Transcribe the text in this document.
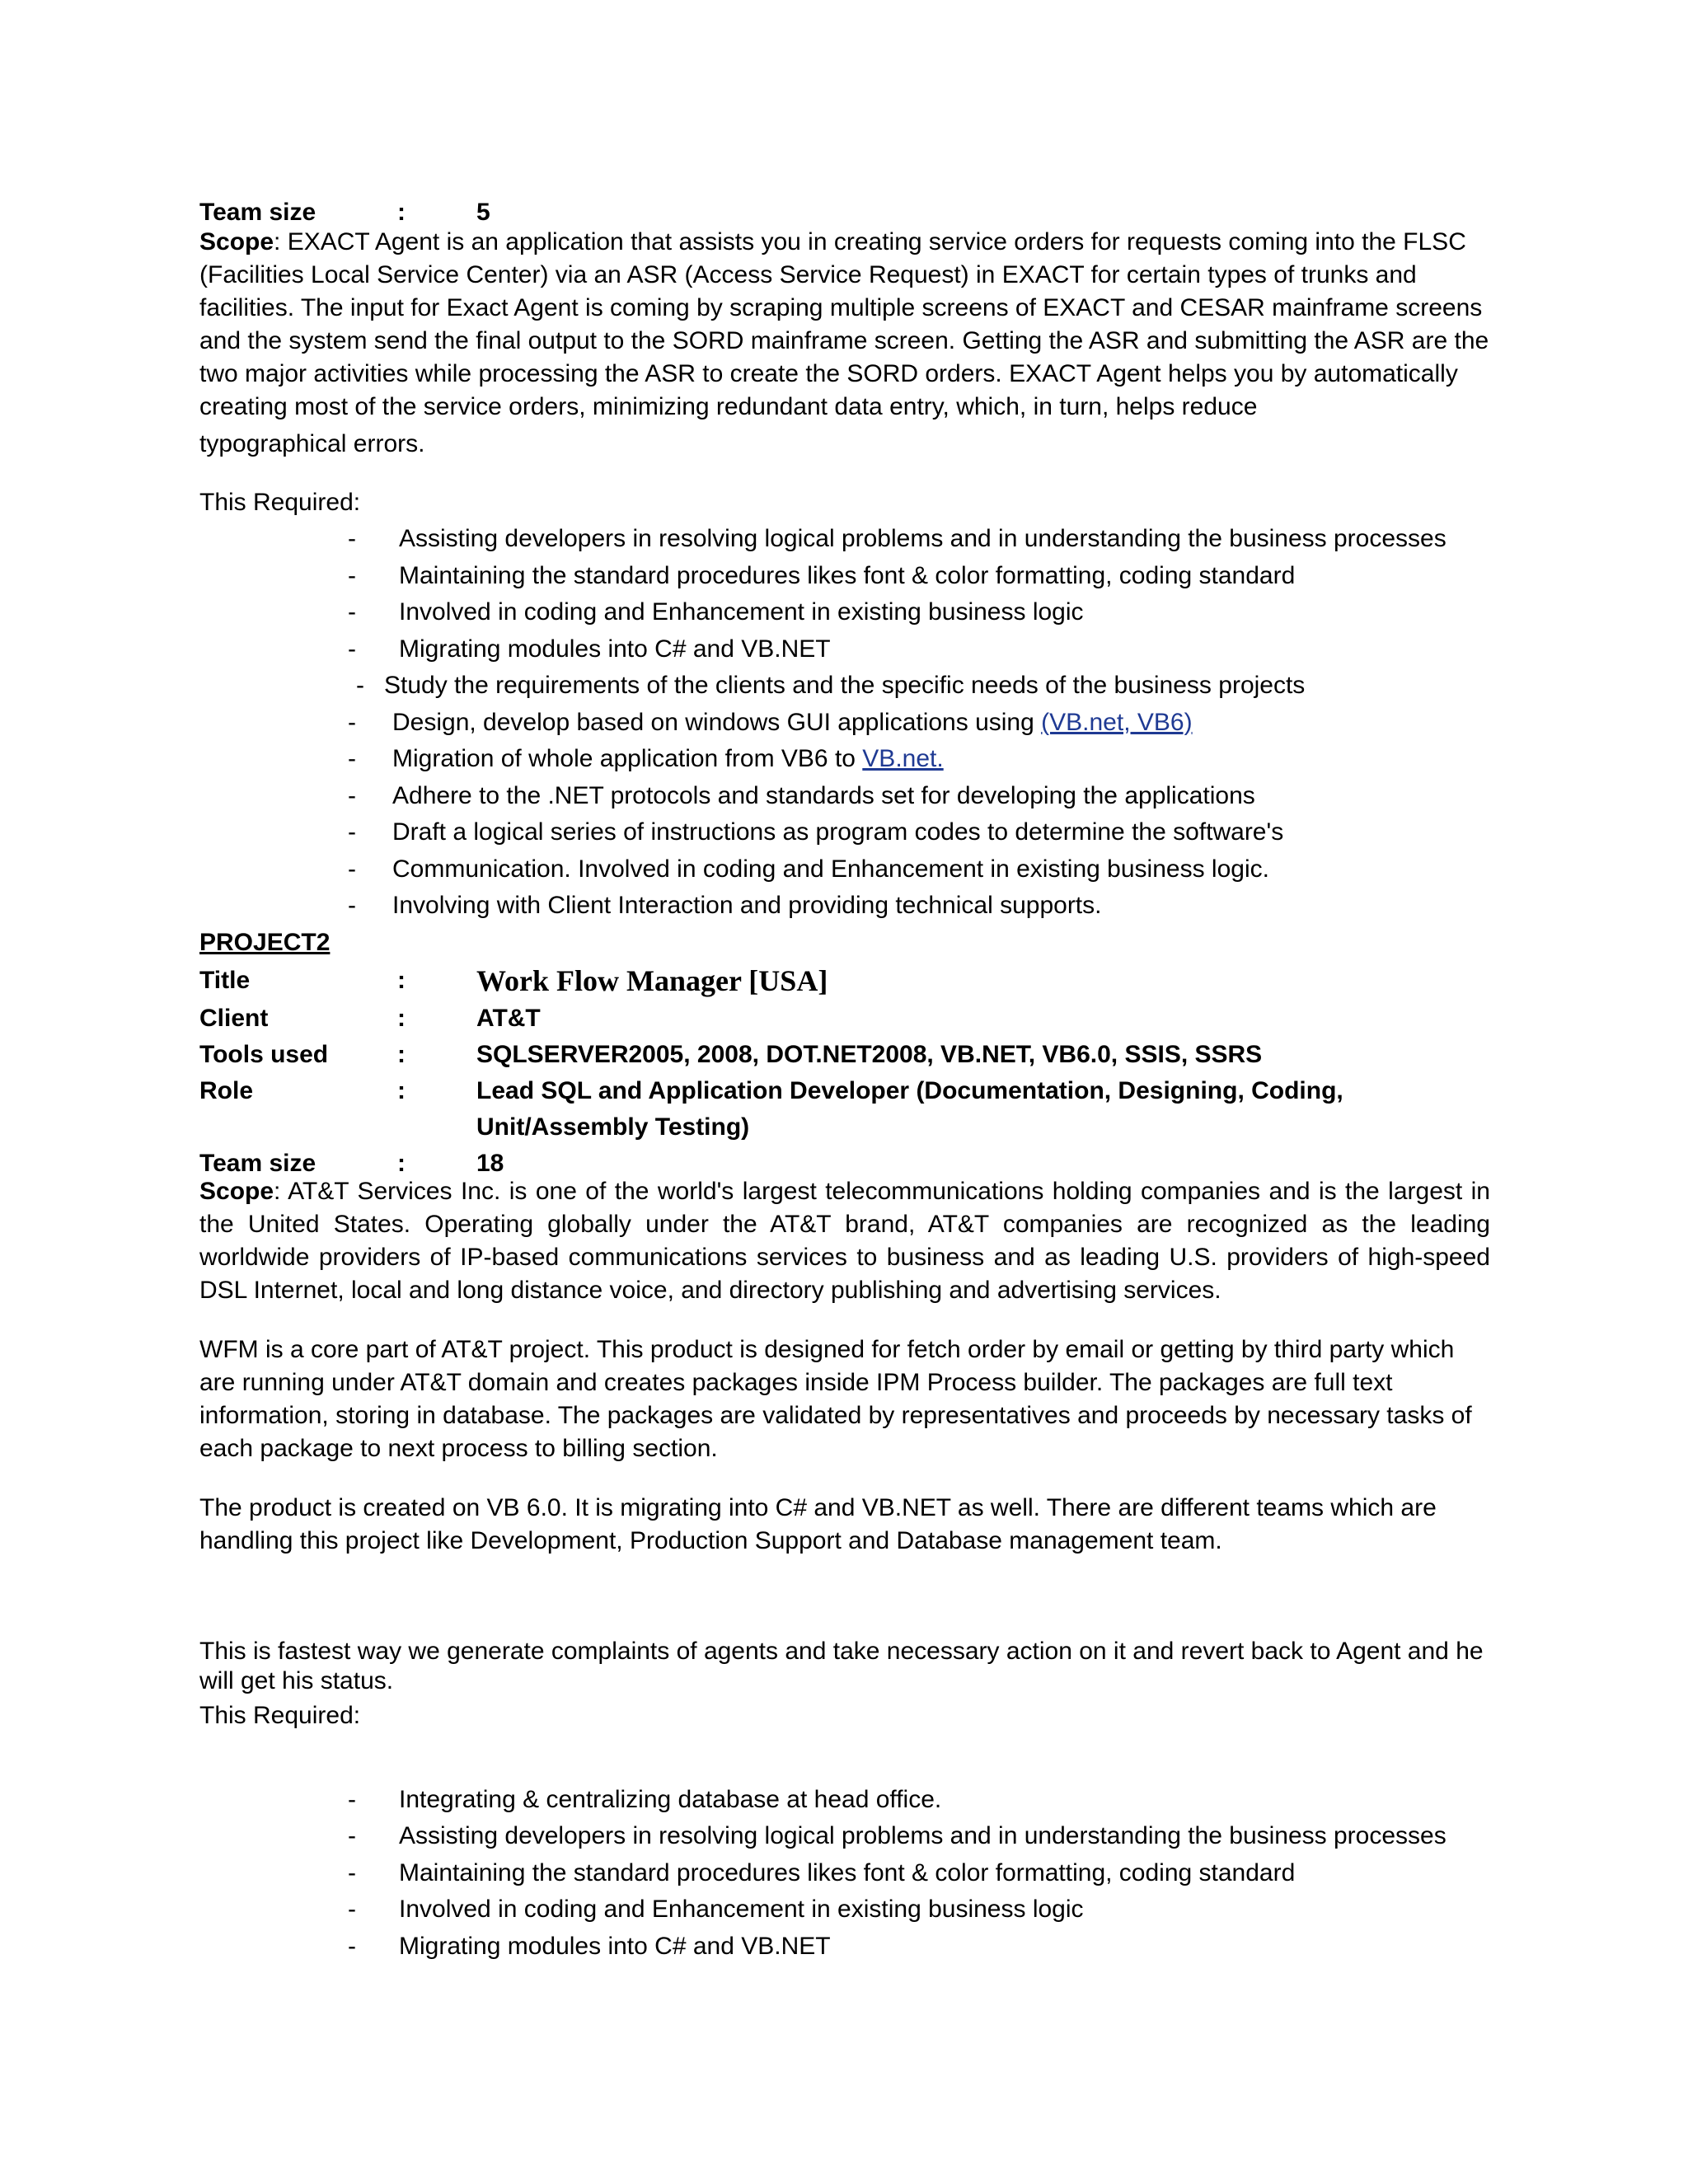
Team size	:	5

Scope: EXACT Agent is an application that assists you in creating service orders for requests coming into the FLSC (Facilities Local Service Center) via an ASR (Access Service Request) in EXACT for certain types of trunks and facilities. The input for Exact Agent is coming by scraping multiple screens of EXACT and CESAR mainframe screens and the system send the final output to the SORD mainframe screen. Getting the ASR and submitting the ASR are the two major activities while processing the ASR to create the SORD orders. EXACT Agent helps you by automatically creating most of the service orders, minimizing redundant data entry, which, in turn, helps reduce

typographical errors.

This Required:

- Assisting developers in resolving logical problems and in understanding the business processes
- Maintaining the standard procedures likes font & color formatting, coding standard
- Involved in coding and Enhancement in existing business logic
- Migrating modules into C# and VB.NET
- Study the requirements of the clients and the specific needs of the business projects
- Design, develop based on windows GUI applications using (VB.net, VB6)
- Migration of whole application from VB6 to VB.net.
- Adhere to the .NET protocols and standards set for developing the applications
- Draft a logical series of instructions as program codes to determine the software's
- Communication. Involved in coding and Enhancement in existing business logic.
- Involving with Client Interaction and providing technical supports.
PROJECT2
Title	:	Work Flow Manager [USA]
Client	:	AT&T
Tools used	:	SQLSERVER2005, 2008, DOT.NET2008, VB.NET, VB6.0, SSIS, SSRS
Role	:	Lead SQL and Application Developer (Documentation, Designing, Coding,
Unit/Assembly Testing)
Team size	:	18

Scope: AT&T Services Inc. is one of the world's largest telecommunications holding companies and is the largest in the United States. Operating globally under the AT&T brand, AT&T companies are recognized as the leading worldwide providers of IP-based communications services to business and as leading U.S. providers of high-speed DSL Internet, local and long distance voice, and directory publishing and advertising services.

WFM is a core part of AT&T project. This product is designed for fetch order by email or getting by third party which are running under AT&T domain and creates packages inside IPM Process builder. The packages are full text information, storing in database. The packages are validated by representatives and proceeds by necessary tasks of each package to next process to billing section.

The product is created on VB 6.0. It is migrating into C# and VB.NET as well. There are different teams which are handling this project like Development, Production Support and Database management team.

This is fastest way we generate complaints of agents and take necessary action on it and revert back to Agent and he will get his status.

This Required:

- Integrating & centralizing database at head office.
- Assisting developers in resolving logical problems and in understanding the business processes
- Maintaining the standard procedures likes font & color formatting, coding standard
- Involved in coding and Enhancement in existing business logic
- Migrating modules into C# and VB.NET
